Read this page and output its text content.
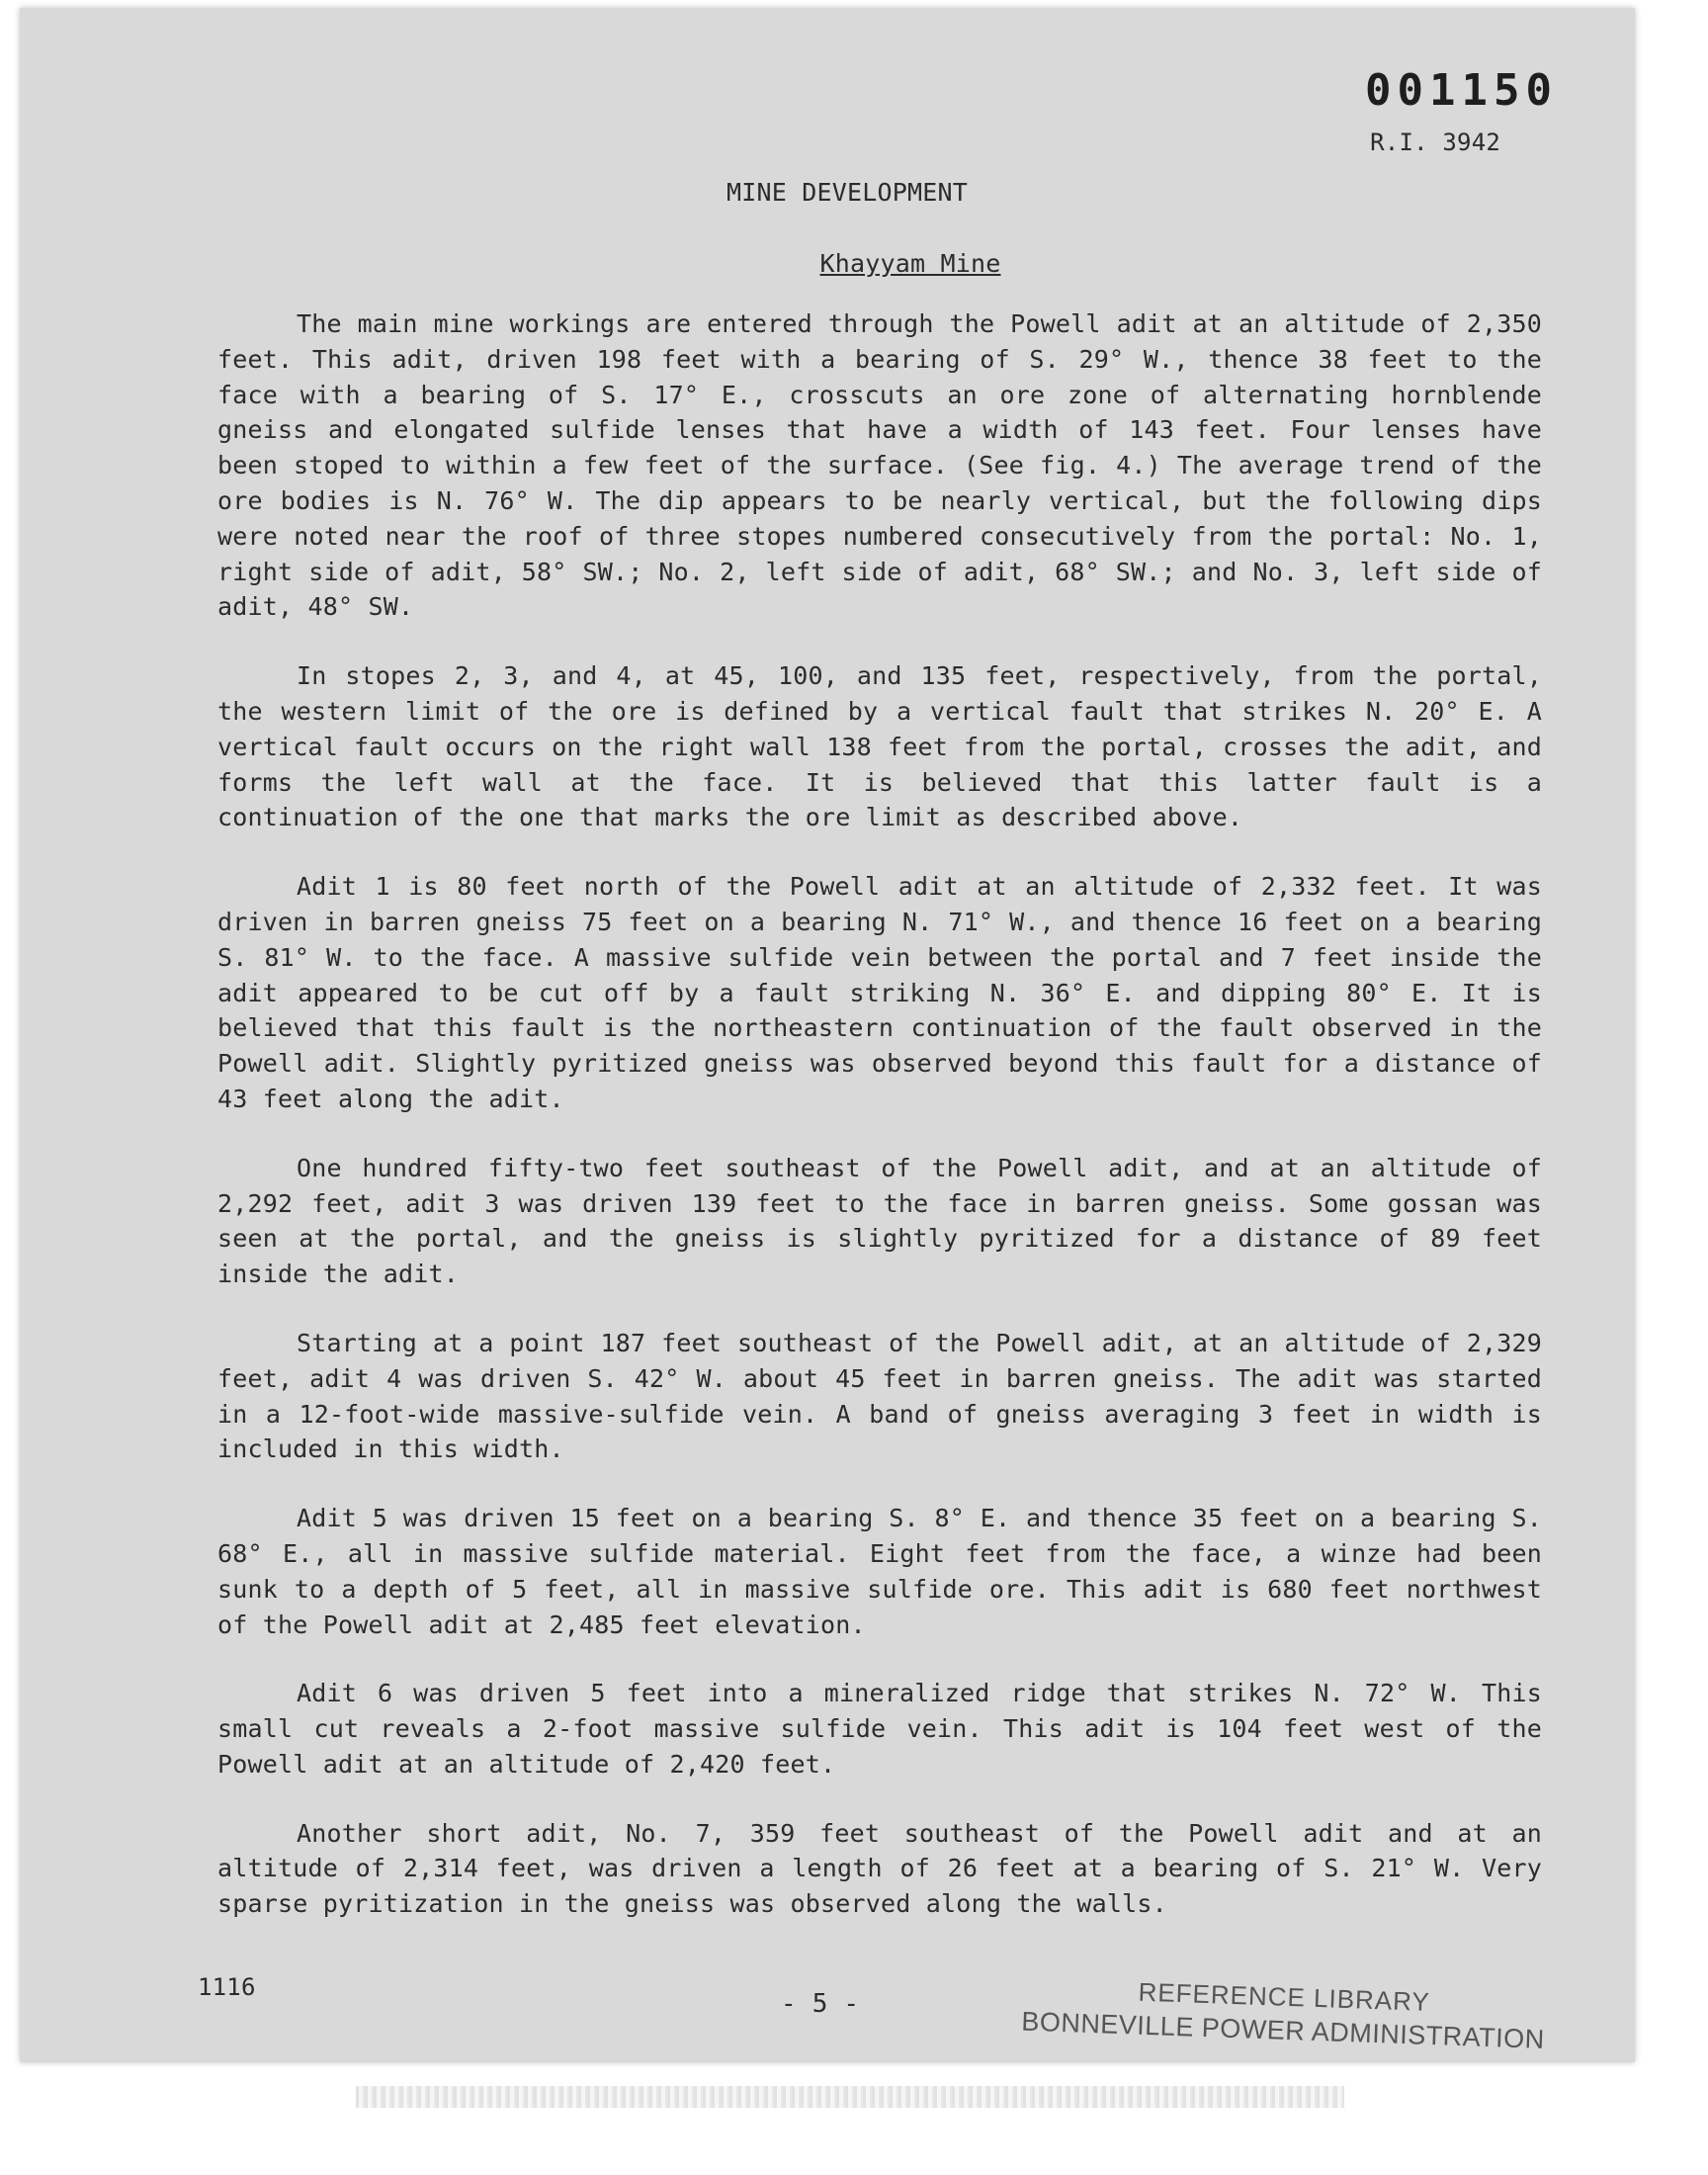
001150
R.I. 3942
MINE DEVELOPMENT
Khayyam Mine

The main mine workings are entered through the Powell adit at an altitude of 2,350 feet. This adit, driven 198 feet with a bearing of S. 29° W., thence 38 feet to the face with a bearing of S. 17° E., crosscuts an ore zone of alternating hornblende gneiss and elongated sulfide lenses that have a width of 143 feet. Four lenses have been stoped to within a few feet of the surface. (See fig. 4.) The average trend of the ore bodies is N. 76° W. The dip appears to be nearly vertical, but the following dips were noted near the roof of three stopes numbered consecutively from the portal: No. 1, right side of adit, 58° SW.; No. 2, left side of adit, 68° SW.; and No. 3, left side of adit, 48° SW.

In stopes 2, 3, and 4, at 45, 100, and 135 feet, respectively, from the portal, the western limit of the ore is defined by a vertical fault that strikes N. 20° E. A vertical fault occurs on the right wall 138 feet from the portal, crosses the adit, and forms the left wall at the face. It is believed that this latter fault is a continuation of the one that marks the ore limit as described above.

Adit 1 is 80 feet north of the Powell adit at an altitude of 2,332 feet. It was driven in barren gneiss 75 feet on a bearing N. 71° W., and thence 16 feet on a bearing S. 81° W. to the face. A massive sulfide vein between the portal and 7 feet inside the adit appeared to be cut off by a fault striking N. 36° E. and dipping 80° E. It is believed that this fault is the northeastern continuation of the fault observed in the Powell adit. Slightly pyritized gneiss was observed beyond this fault for a distance of 43 feet along the adit.

One hundred fifty-two feet southeast of the Powell adit, and at an altitude of 2,292 feet, adit 3 was driven 139 feet to the face in barren gneiss. Some gossan was seen at the portal, and the gneiss is slightly pyritized for a distance of 89 feet inside the adit.

Starting at a point 187 feet southeast of the Powell adit, at an altitude of 2,329 feet, adit 4 was driven S. 42° W. about 45 feet in barren gneiss. The adit was started in a 12-foot-wide massive-sulfide vein. A band of gneiss averaging 3 feet in width is included in this width.

Adit 5 was driven 15 feet on a bearing S. 8° E. and thence 35 feet on a bearing S. 68° E., all in massive sulfide material. Eight feet from the face, a winze had been sunk to a depth of 5 feet, all in massive sulfide ore. This adit is 680 feet northwest of the Powell adit at 2,485 feet elevation.

Adit 6 was driven 5 feet into a mineralized ridge that strikes N. 72° W. This small cut reveals a 2-foot massive sulfide vein. This adit is 104 feet west of the Powell adit at an altitude of 2,420 feet.

Another short adit, No. 7, 359 feet southeast of the Powell adit and at an altitude of 2,314 feet, was driven a length of 26 feet at a bearing of S. 21° W. Very sparse pyritization in the gneiss was observed along the walls.

1116
- 5 -	REFERENCE LIBRARY
BONNEVILLE POWER ADMINISTRATION
